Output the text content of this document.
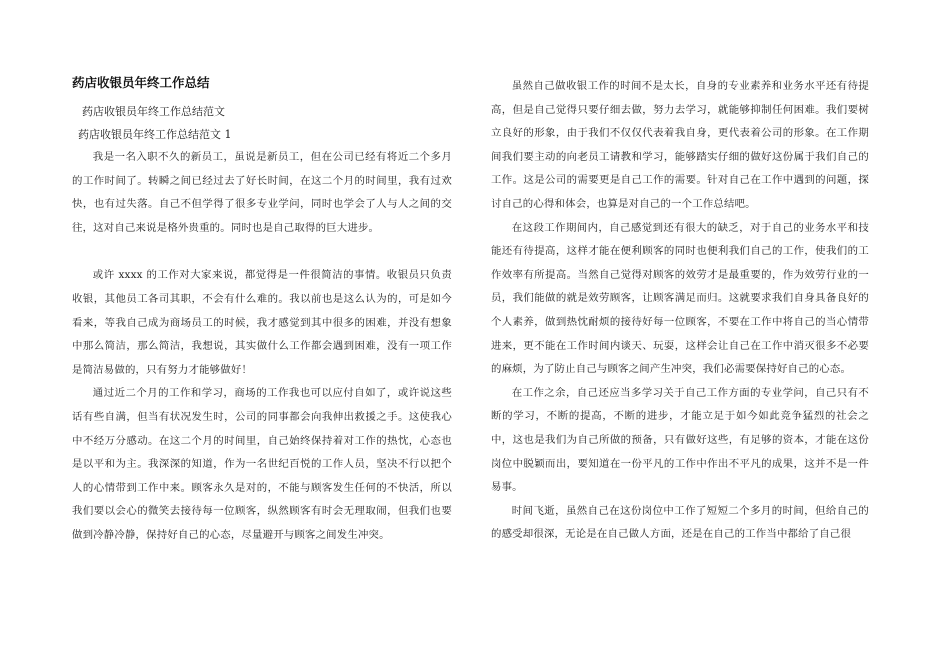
药店收银员年终工作总结

药店收银员年终工作总结范文

药店收银员年终工作总结范文 1

我是一名入职不久的新员工，虽说是新员工，但在公司已经有将近二个多月的工作时间了。转瞬之间已经过去了好长时间，在这二个月的时间里，我有过欢快，也有过失落。自己不但学得了很多专业学问，同时也学会了人与人之间的交往，这对自己来说是格外贵重的。同时也是自己取得的巨大进步。

或许 xxxx 的工作对大家来说，都觉得是一件很简洁的事情。收银员只负责收银，其他员工各司其职，不会有什么难的。我以前也是这么认为的，可是如今看来，等我自己成为商场员工的时候，我才感觉到其中很多的困难，并没有想象中那么简洁，那么简洁，我想说，其实做什么工作都会遇到困难，没有一项工作是简洁易做的，只有努力才能够做好！

通过近二个月的工作和学习，商场的工作我也可以应付自如了，或许说这些话有些自满，但当有状况发生时，公司的同事都会向我伸出救援之手。这使我心中不经万分感动。在这二个月的时间里，自己始终保持着对工作的热忱，心态也是以平和为主。我深深的知道，作为一名世纪百悦的工作人员，坚决不行以把个人的心情带到工作中来。顾客永久是对的，不能与顾客发生任何的不快活，所以我们要以会心的微笑去接待每一位顾客，纵然顾客有时会无理取闹，但我们也要做到冷静冷静，保持好自己的心态，尽量避开与顾客之间发生冲突。

虽然自己做收银工作的时间不是太长，自身的专业素养和业务水平还有待提高，但是自己觉得只要仔细去做，努力去学习，就能够抑制任何困难。我们要树立良好的形象，由于我们不仅仅代表着我自身，更代表着公司的形象。在工作期间我们要主动的向老员工请教和学习，能够踏实仔细的做好这份属于我们自己的工作。这是公司的需要更是自己工作的需要。针对自己在工作中遇到的问题，探讨自己的心得和体会，也算是对自己的一个工作总结吧。

在这段工作期间内，自己感觉到还有很大的缺乏，对于自己的业务水平和技能还有待提高，这样才能在便利顾客的同时也便利我们自己的工作，使我们的工作效率有所提高。当然自己觉得对顾客的效劳才是最重要的，作为效劳行业的一员，我们能做的就是效劳顾客，让顾客满足而归。这就要求我们自身具备良好的个人素养，做到热忱耐烦的接待好每一位顾客，不要在工作中将自己的当心情带进来，更不能在工作时间内谈天、玩耍，这样会让自己在工作中消灭很多不必要的麻烦，为了防止自己与顾客之间产生冲突，我们必需要保持好自己的心态。

在工作之余，自己还应当多学习关于自己工作方面的专业学问，自己只有不断的学习，不断的提高，不断的进步，才能立足于如今如此竞争猛烈的社会之中，这也是我们为自己所做的预备，只有做好这些，有足够的资本，才能在这份岗位中脱颖而出，要知道在一份平凡的工作中作出不平凡的成果，这并不是一件易事。

时间飞逝，虽然自己在这份岗位中工作了短短二个多月的时间，但给自己的的感受却很深，无论是在自己做人方面，还是在自己的工作当中都给了自己很
